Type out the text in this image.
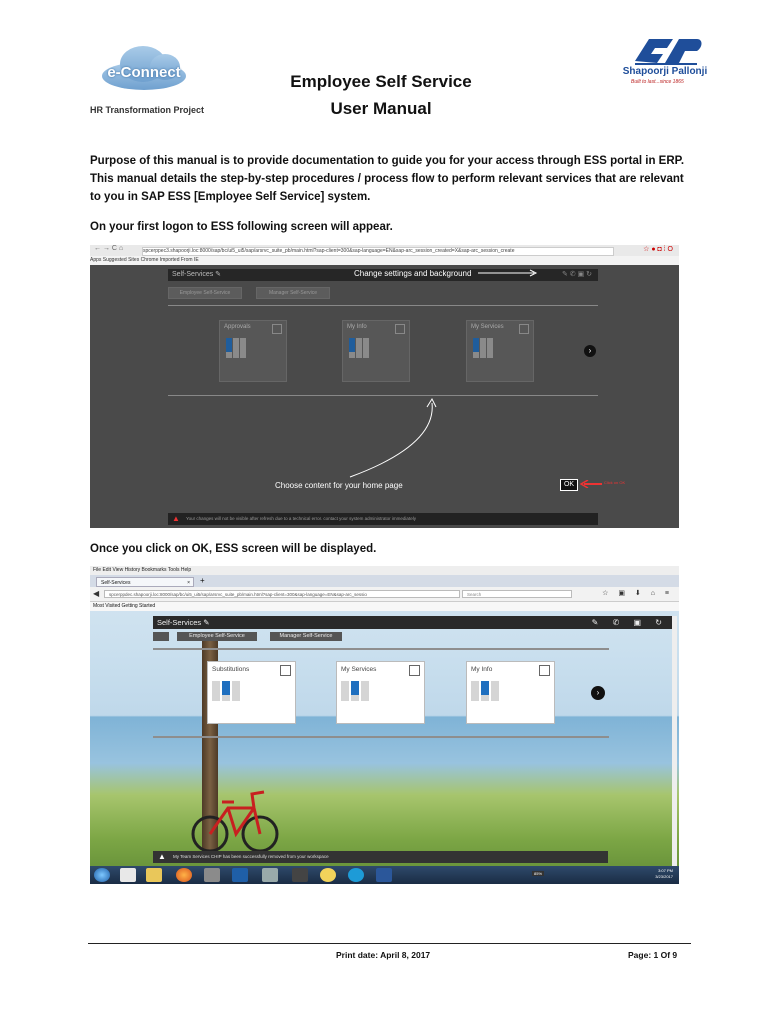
e-Connect
HR Transformation Project
Employee Self Service
User Manual
Shapoorji Pallonji
Built to last...since 1865

Purpose of this manual is to provide documentation to guide you for your access through ESS portal in ERP. This manual details the step-by-step procedures / process flow to perform relevant services that are relevant to you in SAP ESS [Employee Self Service] system.

On your first logon to ESS following screen will appear.
← → C ⌂	spcerppec3.shapoorji.loc:8000/sap/bc/ui5_ui5/sap/arsrvc_suite_pb/main.html?sap-client=300&sap-language=EN&sap-arc_session_created=X&sap-arc_session_create	☆ ● ◘ ⁞ O
Apps Suggested Sites Chrome Imported From IE
Self-Services ✎	✎ ✆ ▣ ↻
Employee Self-Service	Manager Self-Service
Approvals	My Info	My Services
›
Change settings and background
Choose content for your home page	OK	Click on OK
▲ Your changes will not be visible after refresh due to a technical error. contact your system administrator immediately
Once you click on OK, ESS screen will be displayed.
File Edit View History Bookmarks Tools Help
Self-Services	×	+
◀	spcerppdec.shapoorji.loc:8000/sap/bc/ui5_ui5/sap/arsrvc_suite_pb/main.html?sap-client=300&sap-language=EN&sap-arc_sessio	Search	☆ ▣ ⬇ ⌂ ≡
Most Visited Getting Started
Self-Services ✎	✎ ✆ ▣ ↻
Employee Self-Service	Manager Self-Service
Substitutions	My Services	My Info
›
▲ My Team Services CHIP has been successfully removed from your workspace
85%
3:07 PM
3/23/2017
Print date: April 8, 2017	Page: 1 Of 9
